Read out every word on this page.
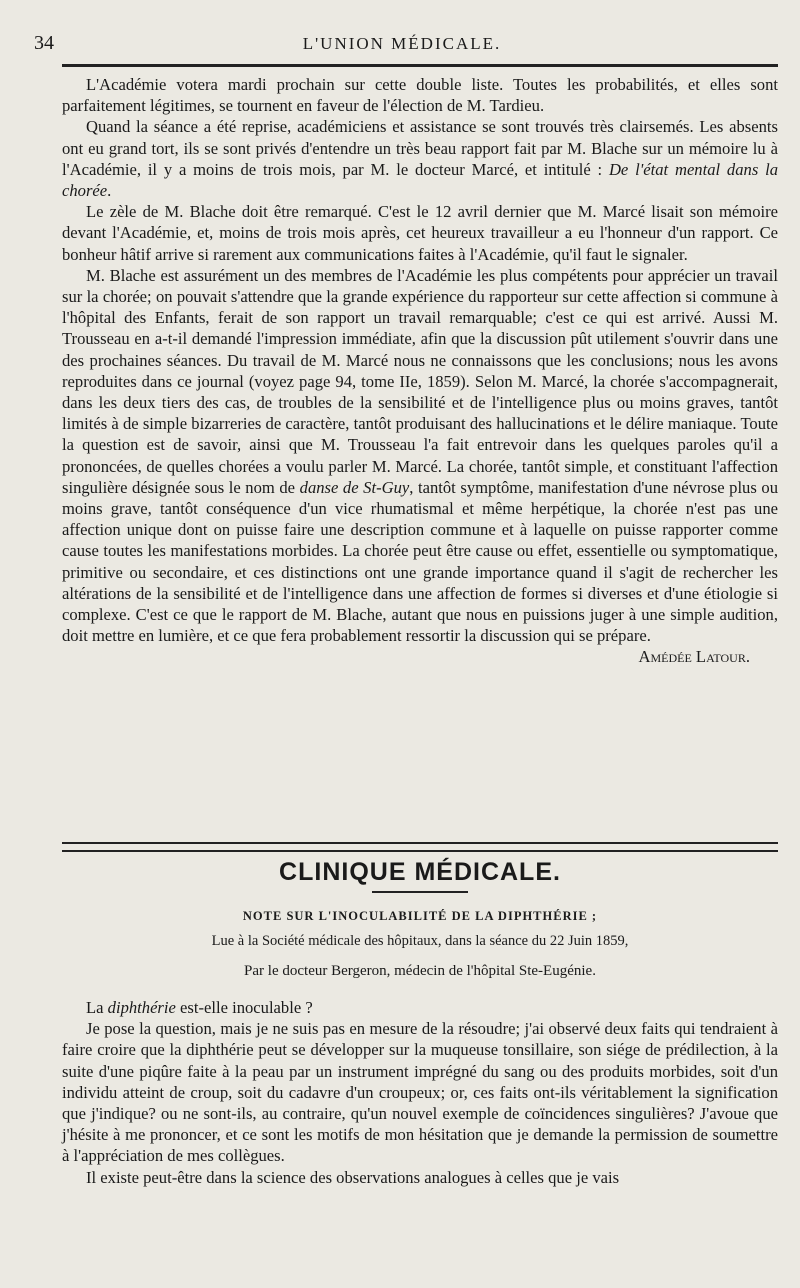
34	L'UNION MÉDICALE.

L'Académie votera mardi prochain sur cette double liste. Toutes les probabilités, et elles sont parfaitement légitimes, se tournent en faveur de l'élection de M. Tardieu.

Quand la séance a été reprise, académiciens et assistance se sont trouvés très clairsemés. Les absents ont eu grand tort, ils se sont privés d'entendre un très beau rapport fait par M. Blache sur un mémoire lu à l'Académie, il y a moins de trois mois, par M. le docteur Marcé, et intitulé : De l'état mental dans la chorée.

Le zèle de M. Blache doit être remarqué. C'est le 12 avril dernier que M. Marcé lisait son mémoire devant l'Académie, et, moins de trois mois après, cet heureux travailleur a eu l'honneur d'un rapport. Ce bonheur hâtif arrive si rarement aux communications faites à l'Académie, qu'il faut le signaler.

M. Blache est assurément un des membres de l'Académie les plus compétents pour apprécier un travail sur la chorée; on pouvait s'attendre que la grande expérience du rapporteur sur cette affection si commune à l'hôpital des Enfants, ferait de son rapport un travail remarquable; c'est ce qui est arrivé. Aussi M. Trousseau en a-t-il demandé l'impression immédiate, afin que la discussion pût utilement s'ouvrir dans une des prochaines séances. Du travail de M. Marcé nous ne connaissons que les conclusions; nous les avons reproduites dans ce journal (voyez page 94, tome IIe, 1859). Selon M. Marcé, la chorée s'accompagnerait, dans les deux tiers des cas, de troubles de la sensibilité et de l'intelligence plus ou moins graves, tantôt limités à de simple bizarreries de caractère, tantôt produisant des hallucinations et le délire maniaque. Toute la question est de savoir, ainsi que M. Trousseau l'a fait entrevoir dans les quelques paroles qu'il a prononcées, de quelles chorées a voulu parler M. Marcé. La chorée, tantôt simple, et constituant l'affection singulière désignée sous le nom de danse de St-Guy, tantôt symptôme, manifestation d'une névrose plus ou moins grave, tantôt conséquence d'un vice rhumatismal et même herpétique, la chorée n'est pas une affection unique dont on puisse faire une description commune et à laquelle on puisse rapporter comme cause toutes les manifestations morbides. La chorée peut être cause ou effet, essentielle ou symptomatique, primitive ou secondaire, et ces distinctions ont une grande importance quand il s'agit de rechercher les altérations de la sensibilité et de l'intelligence dans une affection de formes si diverses et d'une étiologie si complexe. C'est ce que le rapport de M. Blache, autant que nous en puissions juger à une simple audition, doit mettre en lumière, et ce que fera probablement ressortir la discussion qui se prépare.

Amédée Latour.
CLINIQUE MÉDICALE.
NOTE SUR L'INOCULABILITÉ DE LA DIPHTHÉRIE ;
Lue à la Société médicale des hôpitaux, dans la séance du 22 Juin 1859,
Par le docteur Bergeron, médecin de l'hôpital Ste-Eugénie.

La diphthérie est-elle inoculable ?

Je pose la question, mais je ne suis pas en mesure de la résoudre; j'ai observé deux faits qui tendraient à faire croire que la diphthérie peut se développer sur la muqueuse tonsillaire, son siége de prédilection, à la suite d'une piqûre faite à la peau par un instrument imprégné du sang ou des produits morbides, soit d'un individu atteint de croup, soit du cadavre d'un croupeux; or, ces faits ont-ils véritablement la signification que j'indique? ou ne sont-ils, au contraire, qu'un nouvel exemple de coïncidences singulières? J'avoue que j'hésite à me prononcer, et ce sont les motifs de mon hésitation que je demande la permission de soumettre à l'appréciation de mes collègues.

Il existe peut-être dans la science des observations analogues à celles que je vais
